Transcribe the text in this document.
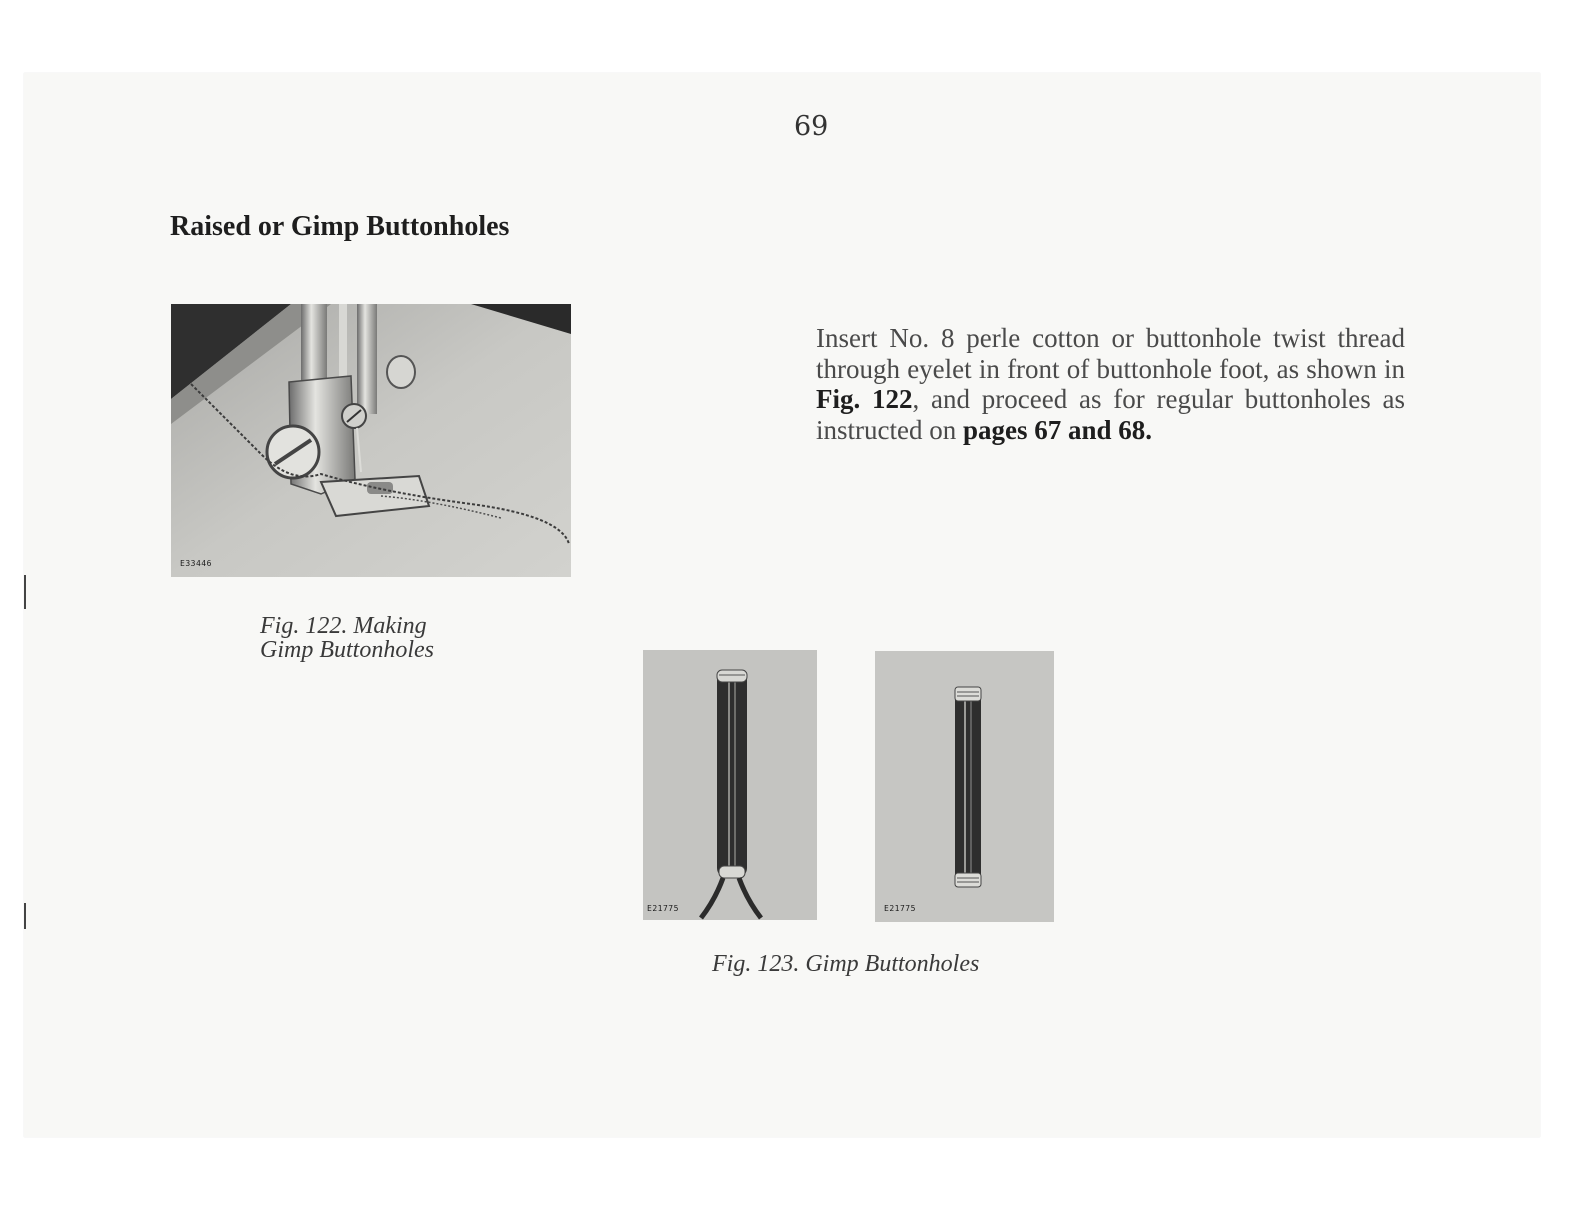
69
Raised or Gimp Buttonholes
E33446
Fig. 122. Making
Gimp Buttonholes

Insert No. 8 perle cotton or buttonhole twist thread through eyelet in front of buttonhole foot, as shown in Fig. 122, and proceed as for regular buttonholes as instructed on pages 67 and 68.

E21775	E21775
Fig. 123. Gimp Buttonholes
